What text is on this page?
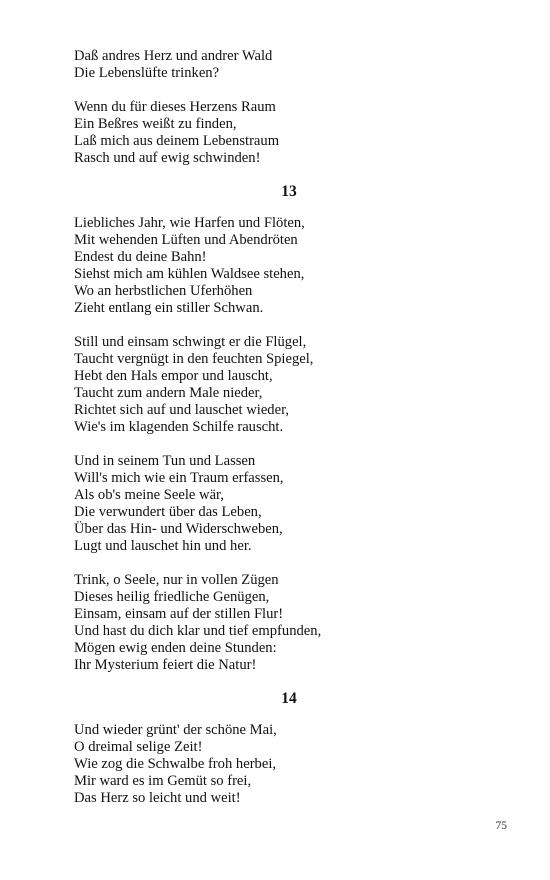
Daß andres Herz und andrer Wald

Die Lebenslüfte trinken?

Wenn du für dieses Herzens Raum

Ein Beßres weißt zu finden,

Laß mich aus deinem Lebenstraum

Rasch und auf ewig schwinden!

13

Liebliches Jahr, wie Harfen und Flöten,

Mit wehenden Lüften und Abendröten

Endest du deine Bahn!

Siehst mich am kühlen Waldsee stehen,

Wo an herbstlichen Uferhöhen

Zieht entlang ein stiller Schwan.

Still und einsam schwingt er die Flügel,

Taucht vergnügt in den feuchten Spiegel,

Hebt den Hals empor und lauscht,

Taucht zum andern Male nieder,

Richtet sich auf und lauschet wieder,

Wie's im klagenden Schilfe rauscht.

Und in seinem Tun und Lassen

Will's mich wie ein Traum erfassen,

Als ob's meine Seele wär,

Die verwundert über das Leben,

Über das Hin- und Widerschweben,

Lugt und lauschet hin und her.

Trink, o Seele, nur in vollen Zügen

Dieses heilig friedliche Genügen,

Einsam, einsam auf der stillen Flur!

Und hast du dich klar und tief empfunden,

Mögen ewig enden deine Stunden:

Ihr Mysterium feiert die Natur!

14

Und wieder grünt' der schöne Mai,

O dreimal selige Zeit!

Wie zog die Schwalbe froh herbei,

Mir ward es im Gemüt so frei,

Das Herz so leicht und weit!

75
